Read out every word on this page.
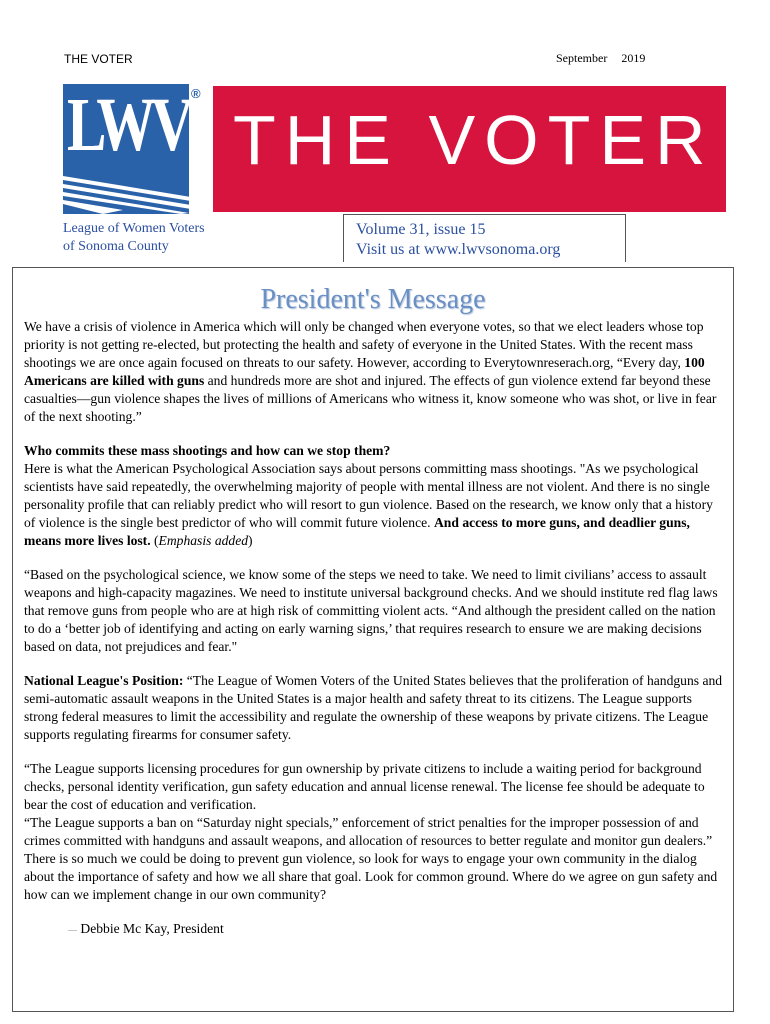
THE VOTER	September 2019
LWV ®
THE VOTER
League of Women Voters
of Sonoma County
Volume 31, issue 15
Visit us at www.lwvsonoma.org
President's Message

We have a crisis of violence in America which will only be changed when everyone votes, so that we elect leaders whose top priority is not getting re-elected, but protecting the health and safety of everyone in the United States. With the recent mass shootings we are once again focused on threats to our safety. However, according to Everytownreserach.org, “Every day, 100 Americans are killed with guns and hundreds more are shot and injured. The effects of gun violence extend far beyond these casualties—gun violence shapes the lives of millions of Americans who witness it, know someone who was shot, or live in fear of the next shooting.”

Who commits these mass shootings and how can we stop them?
Here is what the American Psychological Association says about persons committing mass shootings. "As we psychological scientists have said repeatedly, the overwhelming majority of people with mental illness are not violent. And there is no single personality profile that can reliably predict who will resort to gun violence. Based on the research, we know only that a history of violence is the single best predictor of who will commit future violence. And access to more guns, and deadlier guns, means more lives lost. (Emphasis added)

“Based on the psychological science, we know some of the steps we need to take. We need to limit civilians’ access to assault weapons and high-capacity magazines. We need to institute universal background checks. And we should institute red flag laws that remove guns from people who are at high risk of committing violent acts. “And although the president called on the nation to do a ‘better job of identifying and acting on early warning signs,’ that requires research to ensure we are making decisions based on data, not prejudices and fear."

National League's Position: “The League of Women Voters of the United States believes that the proliferation of handguns and semi-automatic assault weapons in the United States is a major health and safety threat to its citizens. The League supports strong federal measures to limit the accessibility and regulate the ownership of these weapons by private citizens. The League supports regulating firearms for consumer safety.

“The League supports licensing procedures for gun ownership by private citizens to include a waiting period for background checks, personal identity verification, gun safety education and annual license renewal. The license fee should be adequate to bear the cost of education and verification.

“The League supports a ban on “Saturday night specials,” enforcement of strict penalties for the improper possession of and crimes committed with handguns and assault weapons, and allocation of resources to better regulate and monitor gun dealers.”

There is so much we could be doing to prevent gun violence, so look for ways to engage your own community in the dialog about the importance of safety and how we all share that goal. Look for common ground. Where do we agree on gun safety and how can we implement change in our own community?

— Debbie Mc Kay, President
